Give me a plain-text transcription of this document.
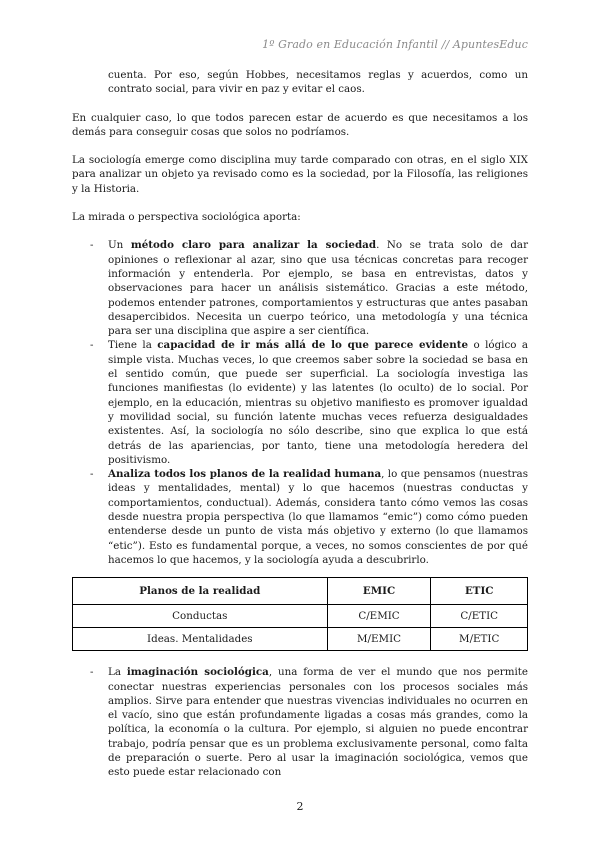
1º Grado en Educación Infantil // ApuntesEduc

cuenta. Por eso, según Hobbes, necesitamos reglas y acuerdos, como un contrato social, para vivir en paz y evitar el caos.

En cualquier caso, lo que todos parecen estar de acuerdo es que necesitamos a los demás para conseguir cosas que solos no podríamos.

La sociología emerge como disciplina muy tarde comparado con otras, en el siglo XIX para analizar un objeto ya revisado como es la sociedad, por la Filosofía, las religiones y la Historia.

La mirada o perspectiva sociológica aporta:

- Un método claro para analizar la sociedad. No se trata solo de dar opiniones o reflexionar al azar, sino que usa técnicas concretas para recoger información y entenderla. Por ejemplo, se basa en entrevistas, datos y observaciones para hacer un análisis sistemático. Gracias a este método, podemos entender patrones, comportamientos y estructuras que antes pasaban desapercibidos. Necesita un cuerpo teórico, una metodología y una técnica para ser una disciplina que aspire a ser científica.
- Tiene la capacidad de ir más allá de lo que parece evidente o lógico a simple vista. Muchas veces, lo que creemos saber sobre la sociedad se basa en el sentido común, que puede ser superficial. La sociología investiga las funciones manifiestas (lo evidente) y las latentes (lo oculto) de lo social. Por ejemplo, en la educación, mientras su objetivo manifiesto es promover igualdad y movilidad social, su función latente muchas veces refuerza desigualdades existentes. Así, la sociología no sólo describe, sino que explica lo que está detrás de las apariencias, por tanto, tiene una metodología heredera del positivismo.
- Analiza todos los planos de la realidad humana, lo que pensamos (nuestras ideas y mentalidades, mental) y lo que hacemos (nuestras conductas y comportamientos, conductual). Además, considera tanto cómo vemos las cosas desde nuestra propia perspectiva (lo que llamamos “emic”) como cómo pueden entenderse desde un punto de vista más objetivo y externo (lo que llamamos “etic”). Esto es fundamental porque, a veces, no somos conscientes de por qué hacemos lo que hacemos, y la sociología ayuda a descubrirlo.
Planos de la realidad	EMIC	ETIC
Conductas	C/EMIC	C/ETIC
Ideas. Mentalidades	M/EMIC	M/ETIC
- La imaginación sociológica, una forma de ver el mundo que nos permite conectar nuestras experiencias personales con los procesos sociales más amplios. Sirve para entender que nuestras vivencias individuales no ocurren en el vacío, sino que están profundamente ligadas a cosas más grandes, como la política, la economía o la cultura. Por ejemplo, si alguien no puede encontrar trabajo, podría pensar que es un problema exclusivamente personal, como falta de preparación o suerte. Pero al usar la imaginación sociológica, vemos que esto puede estar relacionado con
2
